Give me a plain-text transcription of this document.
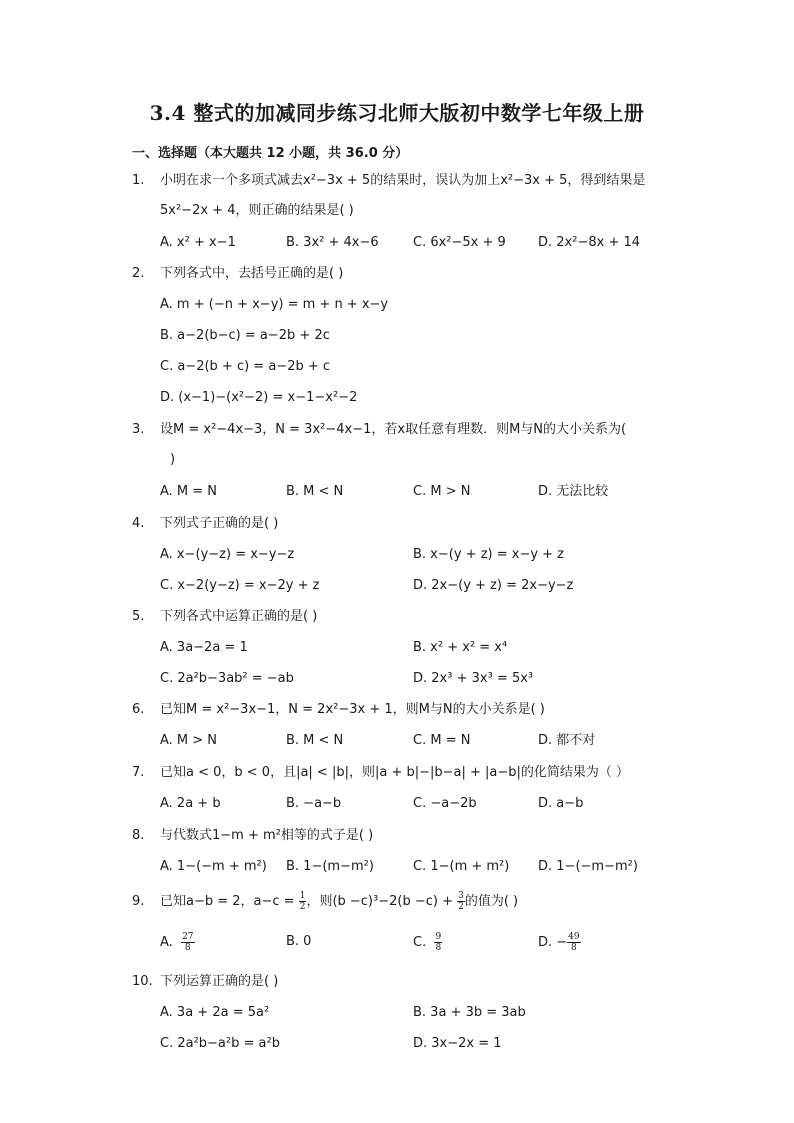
3.4 整式的加减同步练习北师大版初中数学七年级上册
一、选择题（本大题共 12 小题，共 36.0 分）
1.	小明在求一个多项式减去x²−3x + 5的结果时，误认为加上x²−3x + 5，得到结果是
5x²−2x + 4，则正确的结果是( )
A. x² + x−1	B. 3x² + 4x−6	C. 6x²−5x + 9 D. 2x²−8x + 14
2.	下列各式中，去括号正确的是( )
A. m + (−n + x−y) = m + n + x−y
B. a−2(b−c) = a−2b + 2c
C. a−2(b + c) = a−2b + c
D. (x−1)−(x²−2) = x−1−x²−2
3.	设M = x²−4x−3，N = 3x²−4x−1，若x取任意有理数．则M与N的大小关系为(
)
A. M = N	B. M < N	C. M > N	D. 无法比较
4.	下列式子正确的是( )
A. x−(y−z) = x−y−z	B. x−(y + z) = x−y + z
C. x−2(y−z) = x−2y + z	D. 2x−(y + z) = 2x−y−z
5.	下列各式中运算正确的是( )
A. 3a−2a = 1	B. x² + x² = x⁴
C. 2a²b−3ab² = −ab	D. 2x³ + 3x³ = 5x³
6.	已知M = x²−3x−1，N = 2x²−3x + 1，则M与N的大小关系是( )
A. M > N	B. M < N	C. M = N	D. 都不对
7.	已知a < 0，b < 0，且|a| < |b|，则|a + b|−|b−a| + |a−b|的化简结果为（ ）
A. 2a + b	B. −a−b	C. −a−2b	D. a−b
8.	与代数式1−m + m²相等的式子是( )
A. 1−(−m + m²) B. 1−(m−m²)	C. 1−(m + m²) D. 1−(−m−m²)
9.	已知a−b = 2，$a-c = \frac{1}{2}$ ，则$(b -c)^3-2(b -c) + \frac{3}{2}$ 的值为( )
A. $\frac{27}{8}$	B. 0	C. $\frac{9}{8}$	D. − $\frac{49}{8}$
10. 下列运算正确的是( )
A. 3a + 2a = 5a²	B. 3a + 3b = 3ab
C. 2a²b−a²b = a²b	D. 3x−2x = 1
